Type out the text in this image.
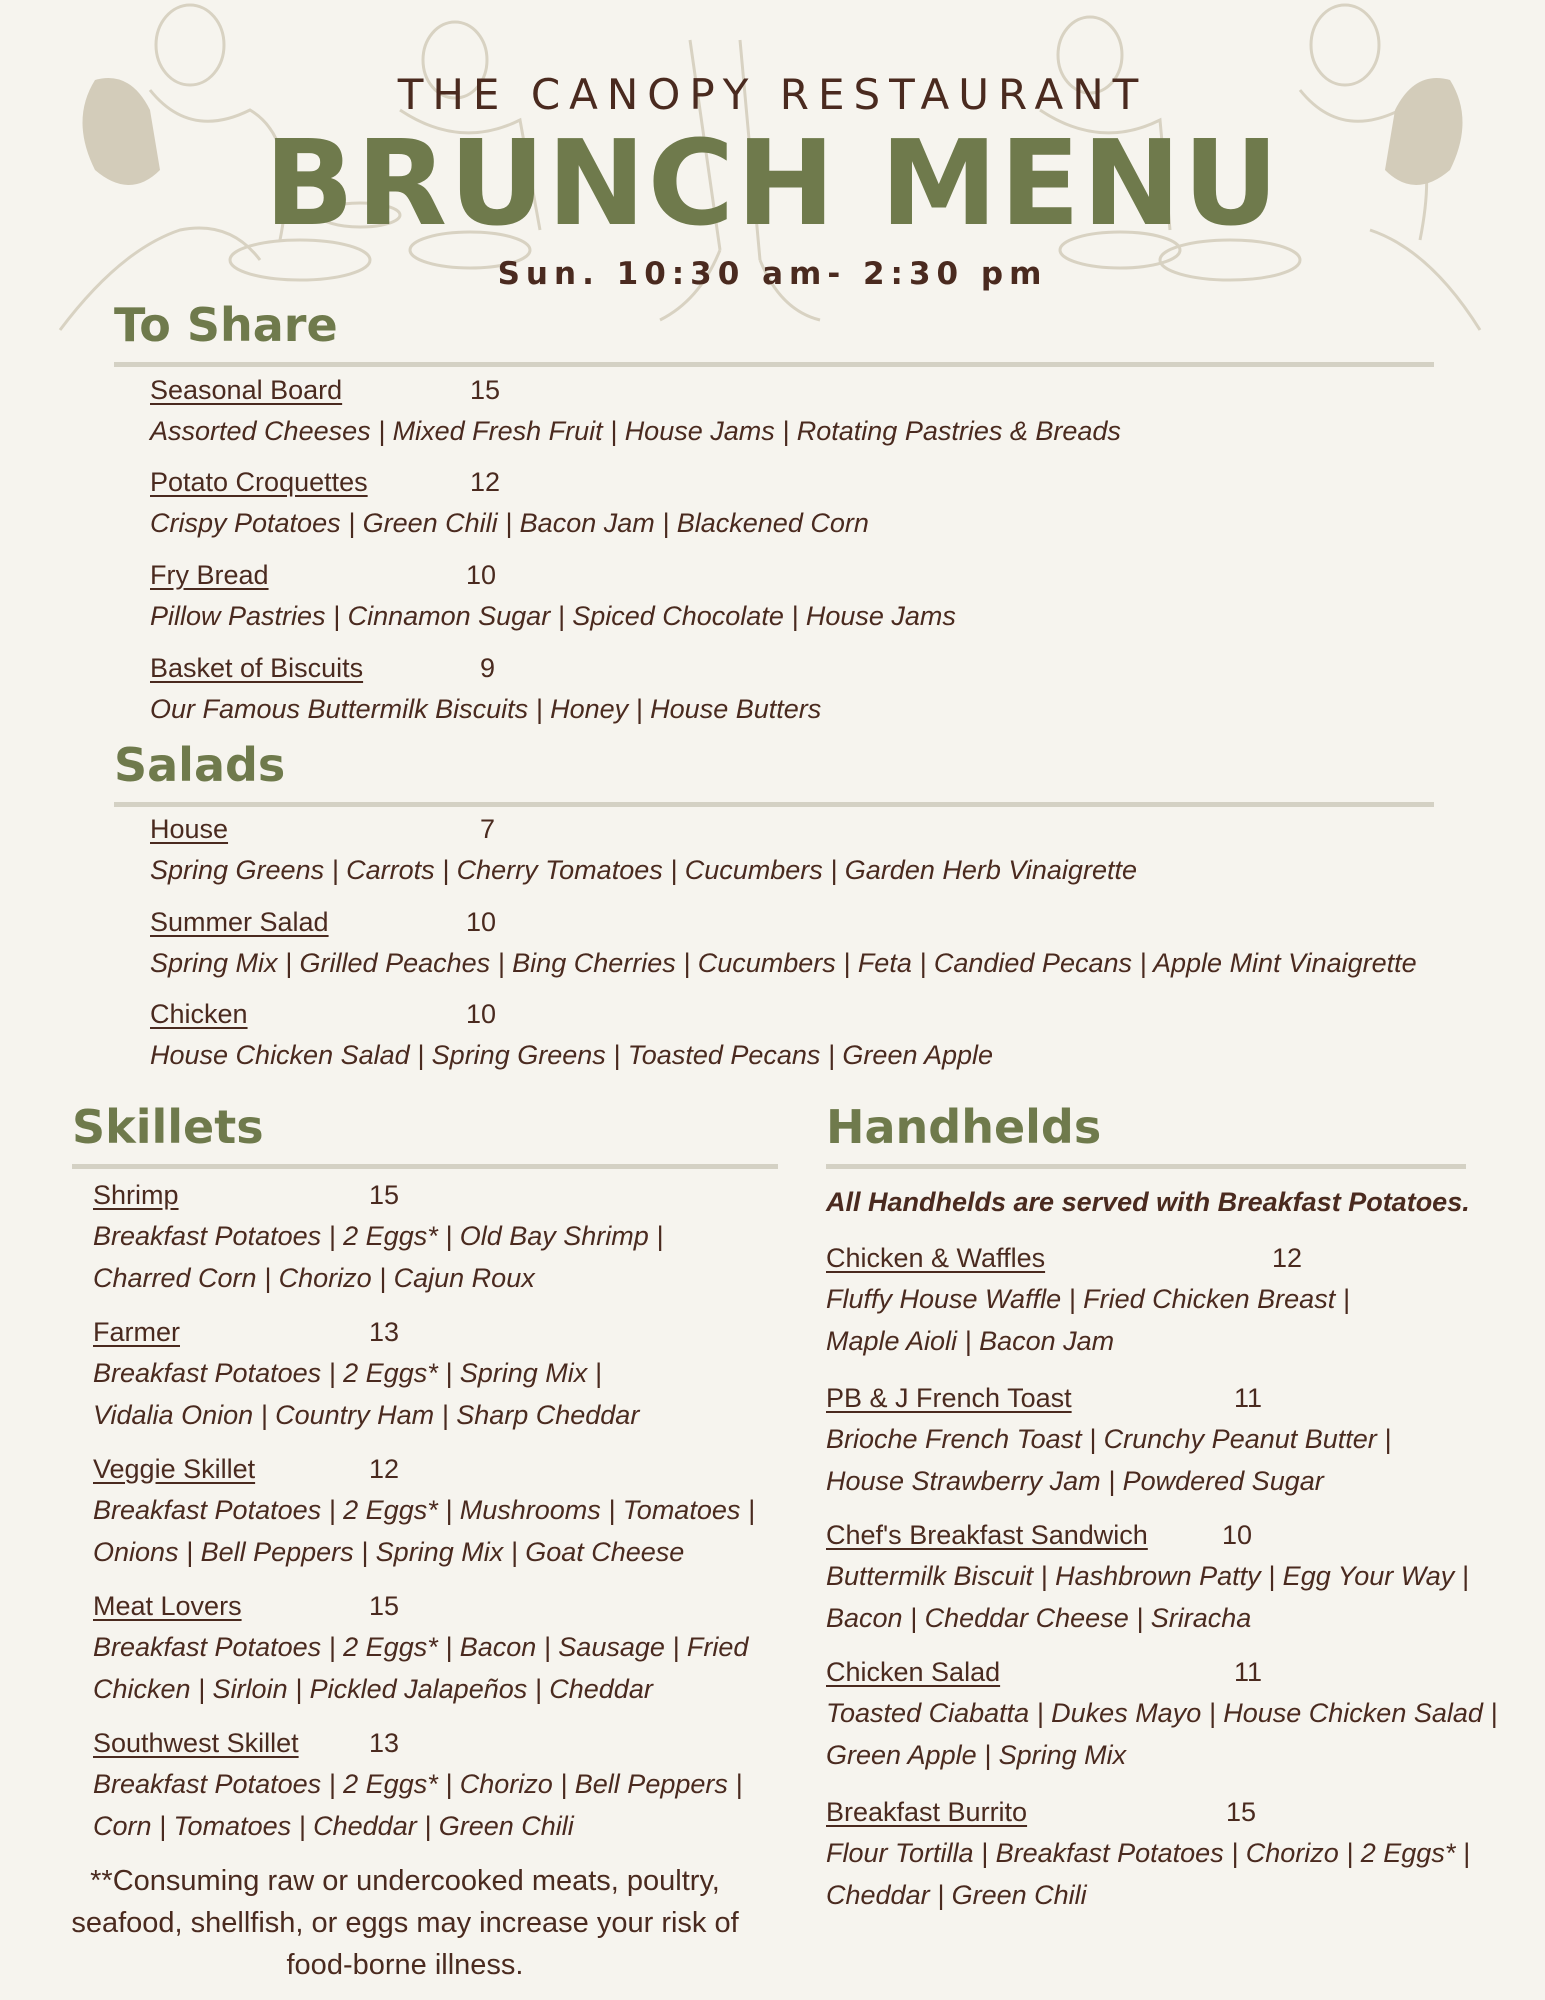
THE CANOPY RESTAURANT
BRUNCH MENU
Sun. 10:30 am- 2:30 pm
To Share
Seasonal Board	15
Assorted Cheeses | Mixed Fresh Fruit | House Jams | Rotating Pastries & Breads
Potato Croquettes	12
Crispy Potatoes | Green Chili | Bacon Jam | Blackened Corn
Fry Bread	10
Pillow Pastries | Cinnamon Sugar | Spiced Chocolate | House Jams
Basket of Biscuits	9
Our Famous Buttermilk Biscuits | Honey | House Butters
Salads
House	7
Spring Greens | Carrots | Cherry Tomatoes | Cucumbers | Garden Herb Vinaigrette
Summer Salad	10
Spring Mix | Grilled Peaches | Bing Cherries | Cucumbers | Feta | Candied Pecans | Apple Mint Vinaigrette
Chicken	10
House Chicken Salad | Spring Greens | Toasted Pecans | Green Apple
Skillets
Shrimp	15
Breakfast Potatoes | 2 Eggs* | Old Bay Shrimp |
Charred Corn | Chorizo | Cajun Roux
Farmer	13
Breakfast Potatoes | 2 Eggs* | Spring Mix |
Vidalia Onion | Country Ham | Sharp Cheddar
Veggie Skillet	12
Breakfast Potatoes | 2 Eggs* | Mushrooms | Tomatoes |
Onions | Bell Peppers | Spring Mix | Goat Cheese
Meat Lovers	15
Breakfast Potatoes | 2 Eggs* | Bacon | Sausage | Fried
Chicken | Sirloin | Pickled Jalapeños | Cheddar
Southwest Skillet	13
Breakfast Potatoes | 2 Eggs* | Chorizo | Bell Peppers |
Corn | Tomatoes | Cheddar | Green Chili
Handhelds
All Handhelds are served with Breakfast Potatoes.
Chicken & Waffles	12
Fluffy House Waffle | Fried Chicken Breast |
Maple Aioli | Bacon Jam
PB & J French Toast	11
Brioche French Toast | Crunchy Peanut Butter |
House Strawberry Jam | Powdered Sugar
Chef's Breakfast Sandwich	10
Buttermilk Biscuit | Hashbrown Patty | Egg Your Way |
Bacon | Cheddar Cheese | Sriracha
Chicken Salad	11
Toasted Ciabatta | Dukes Mayo | House Chicken Salad |
Green Apple | Spring Mix
Breakfast Burrito	15
Flour Tortilla | Breakfast Potatoes | Chorizo | 2 Eggs* |
Cheddar | Green Chili
**Consuming raw or undercooked meats, poultry,
seafood, shellfish, or eggs may increase your risk of
food-borne illness.
